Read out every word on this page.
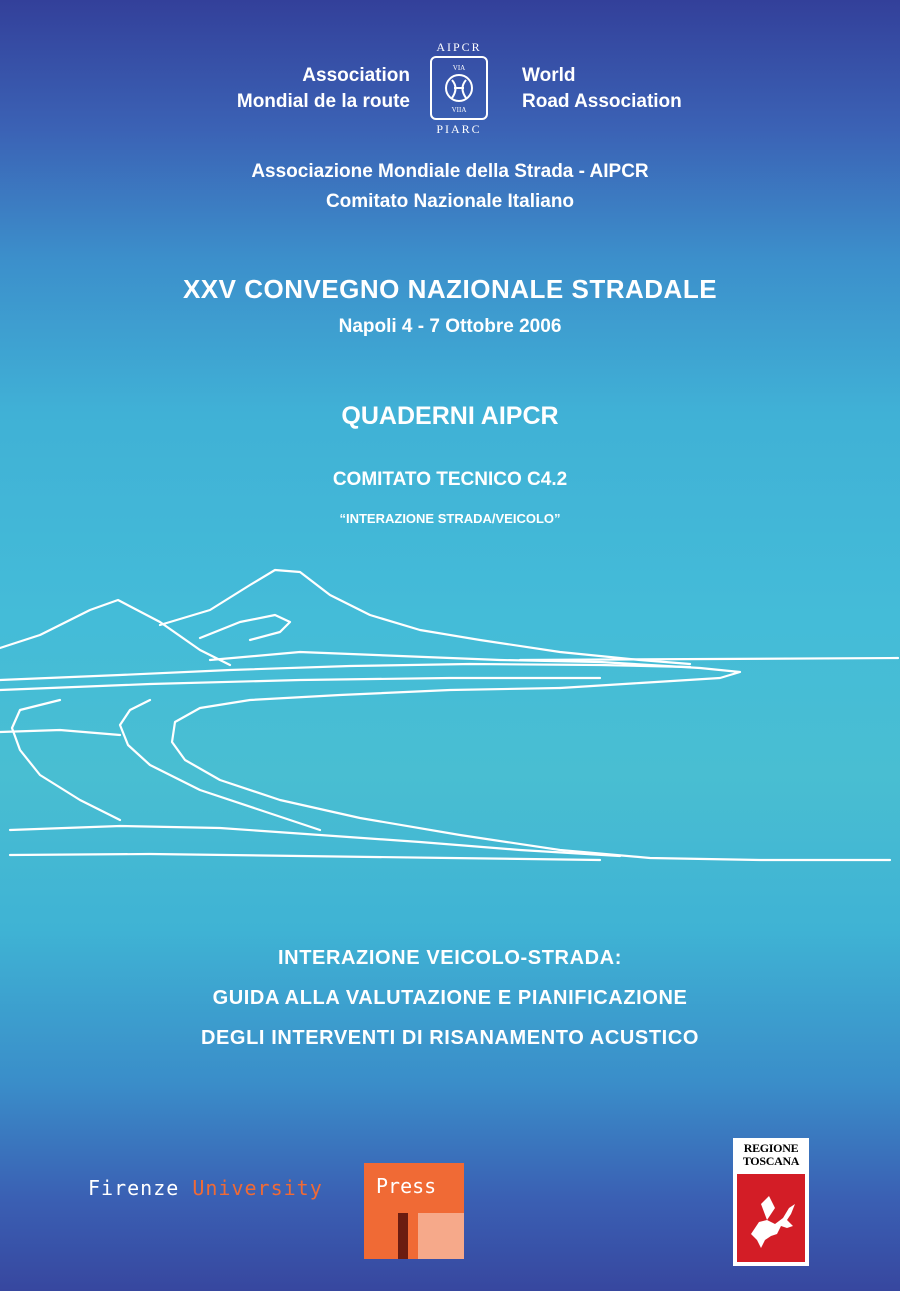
Association
Mondial de la route
AIPCR
VIA
VIIA
PIARC
World
Road Association
Associazione Mondiale della Strada - AIPCR
Comitato Nazionale Italiano
XXV CONVEGNO NAZIONALE STRADALE
Napoli 4 - 7 Ottobre 2006
QUADERNI AIPCR
COMITATO TECNICO C4.2
“INTERAZIONE STRADA/VEICOLO”
INTERAZIONE VEICOLO-STRADA:
GUIDA ALLA VALUTAZIONE E PIANIFICAZIONE
DEGLI INTERVENTI DI RISANAMENTO ACUSTICO
Firenze University	Press
REGIONE
TOSCANA
